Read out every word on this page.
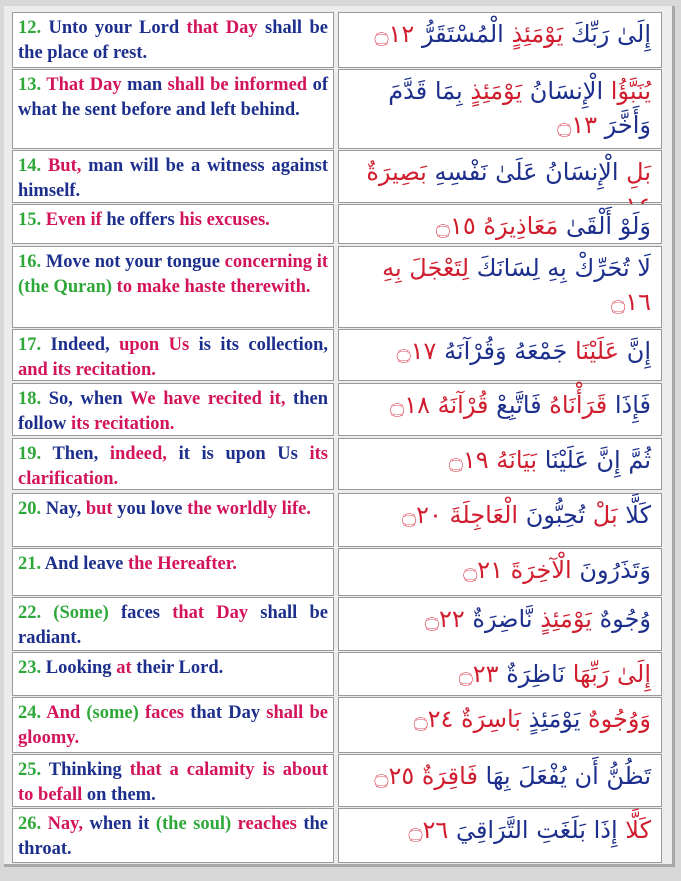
12. Unto your Lord that Day shall be the place of rest.
إِلَىٰ رَبِّكَ يَوْمَئِذٍ الْمُسْتَقَرُّ ۝١٢
13. That Day man shall be informed of what he sent before and left behind.
يُنَبَّؤُا الْإِنسَانُ يَوْمَئِذٍ بِمَا قَدَّمَ وَأَخَّرَ ۝١٣
14. But, man will be a witness against himself.
بَلِ الْإِنسَانُ عَلَىٰ نَفْسِهِ بَصِيرَةٌ
15. Even if he offers his excuses.	وَلَوْ أَلْقَىٰ مَعَاذِيرَهُ ۝١٥
16. Move not your tongue concerning it (the Quran) to make haste therewith.
لَا تُحَرِّكْ بِهِ لِسَانَكَ لِتَعْجَلَ بِهِ ۝١٦
17. Indeed, upon Us is its collection, and its recitation.
إِنَّ عَلَيْنَا جَمْعَهُ وَقُرْآنَهُ ۝١٧
18. So, when We have recited it, then follow its recitation.
فَإِذَا قَرَأْنَاهُ فَاتَّبِعْ قُرْآنَهُ ۝١٨
19. Then, indeed, it is upon Us its clarification.
ثُمَّ إِنَّ عَلَيْنَا بَيَانَهُ ۝١٩
20. Nay, but you love the worldly life.	كَلَّا بَلْ تُحِبُّونَ الْعَاجِلَةَ ۝٢٠
21. And leave the Hereafter.	وَتَذَرُونَ الْآخِرَةَ ۝٢١
22. (Some) faces that Day shall be radiant.
وُجُوهٌ يَوْمَئِذٍ نَّاضِرَةٌ ۝٢٢
23. Looking at their Lord.	إِلَىٰ رَبِّهَا نَاظِرَةٌ ۝٢٣
24. And (some) faces that Day shall be gloomy.
وَوُجُوهٌ يَوْمَئِذٍ بَاسِرَةٌ ۝٢٤
25. Thinking that a calamity is about to befall on them.
تَظُنُّ أَن يُفْعَلَ بِهَا فَاقِرَةٌ ۝٢٥
26. Nay, when it (the soul) reaches the throat.
كَلَّا إِذَا بَلَغَتِ التَّرَاقِيَ ۝٢٦
